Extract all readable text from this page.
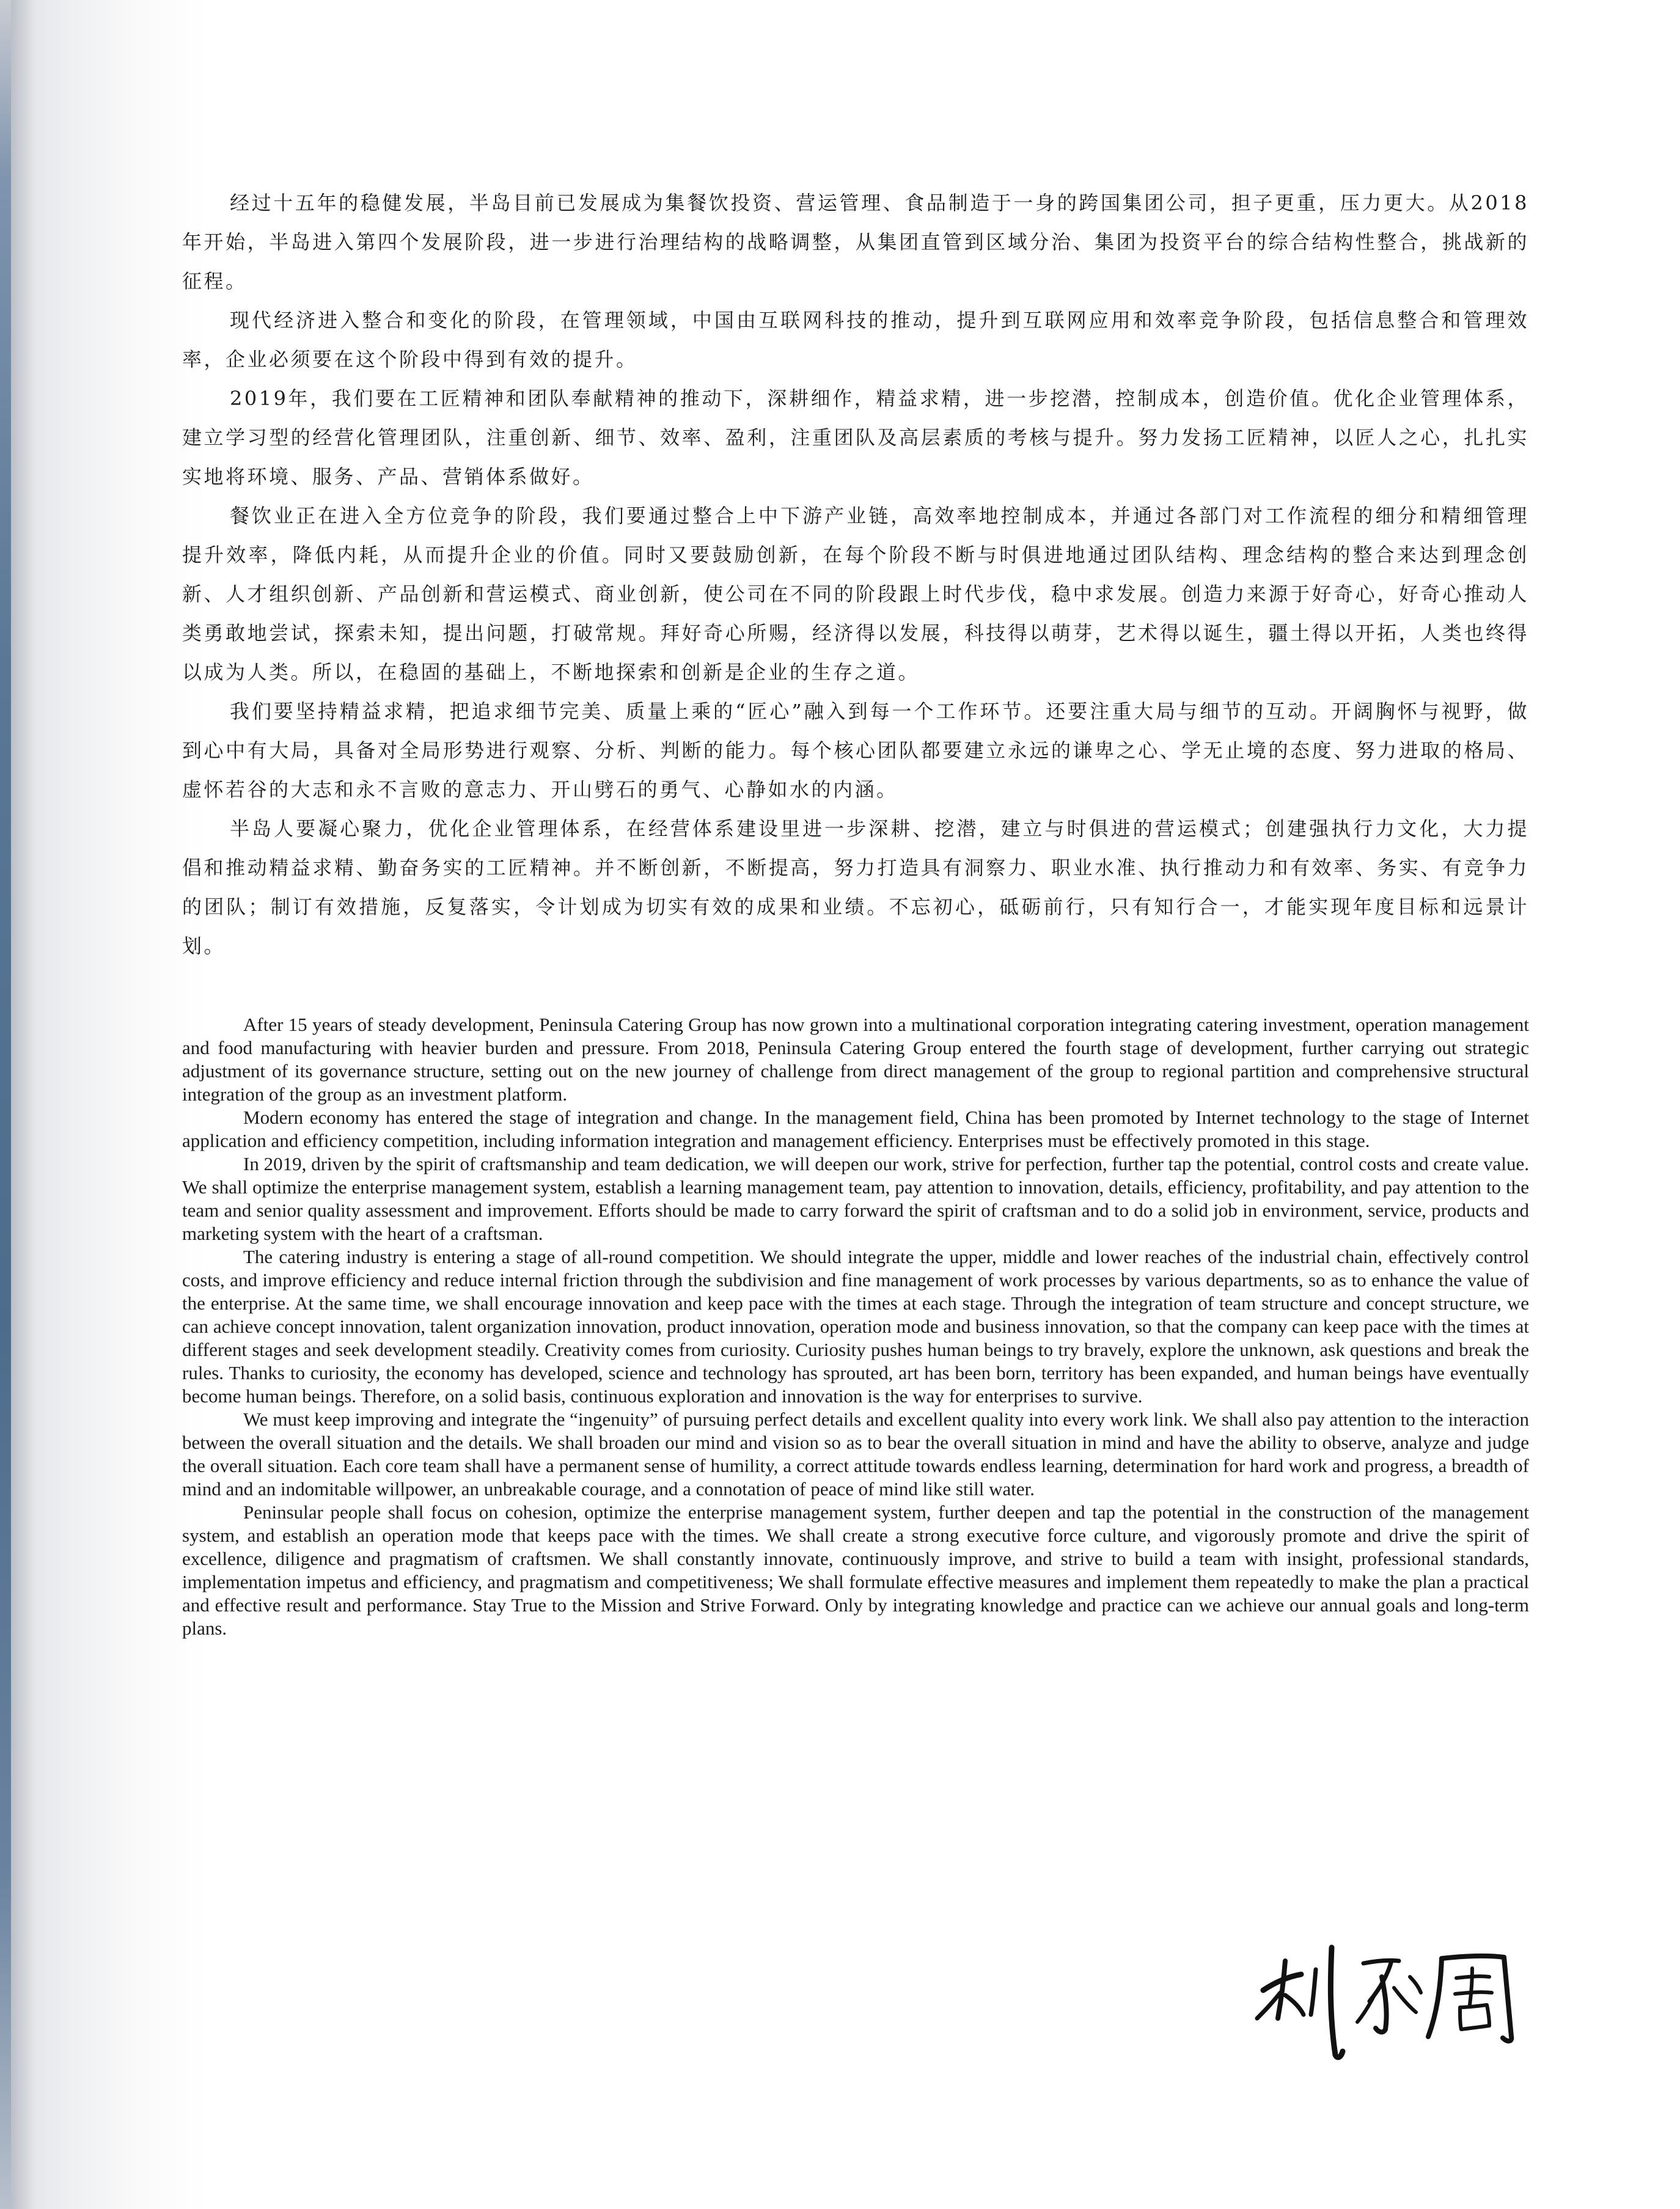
经过十五年的稳健发展，半岛目前已发展成为集餐饮投资、营运管理、食品制造于一身的跨国集团公司，担子更重，压力更大。从2018年开始，半岛进入第四个发展阶段，进一步进行治理结构的战略调整，从集团直管到区域分治、集团为投资平台的综合结构性整合，挑战新的征程。

现代经济进入整合和变化的阶段，在管理领域，中国由互联网科技的推动，提升到互联网应用和效率竞争阶段，包括信息整合和管理效率，企业必须要在这个阶段中得到有效的提升。

2019年，我们要在工匠精神和团队奉献精神的推动下，深耕细作，精益求精，进一步挖潜，控制成本，创造价值。优化企业管理体系，建立学习型的经营化管理团队，注重创新、细节、效率、盈利，注重团队及高层素质的考核与提升。努力发扬工匠精神，以匠人之心，扎扎实实地将环境、服务、产品、营销体系做好。

餐饮业正在进入全方位竞争的阶段，我们要通过整合上中下游产业链，高效率地控制成本，并通过各部门对工作流程的细分和精细管理提升效率，降低内耗，从而提升企业的价值。同时又要鼓励创新，在每个阶段不断与时俱进地通过团队结构、理念结构的整合来达到理念创新、人才组织创新、产品创新和营运模式、商业创新，使公司在不同的阶段跟上时代步伐，稳中求发展。创造力来源于好奇心，好奇心推动人类勇敢地尝试，探索未知，提出问题，打破常规。拜好奇心所赐，经济得以发展，科技得以萌芽，艺术得以诞生，疆土得以开拓，人类也终得以成为人类。所以，在稳固的基础上，不断地探索和创新是企业的生存之道。

我们要坚持精益求精，把追求细节完美、质量上乘的“匠心”融入到每一个工作环节。还要注重大局与细节的互动。开阔胸怀与视野，做到心中有大局，具备对全局形势进行观察、分析、判断的能力。每个核心团队都要建立永远的谦卑之心、学无止境的态度、努力进取的格局、虚怀若谷的大志和永不言败的意志力、开山劈石的勇气、心静如水的内涵。

半岛人要凝心聚力，优化企业管理体系，在经营体系建设里进一步深耕、挖潜，建立与时俱进的营运模式；创建强执行力文化，大力提倡和推动精益求精、勤奋务实的工匠精神。并不断创新，不断提高，努力打造具有洞察力、职业水准、执行推动力和有效率、务实、有竞争力的团队；制订有效措施，反复落实，令计划成为切实有效的成果和业绩。不忘初心，砥砺前行，只有知行合一，才能实现年度目标和远景计划。

After 15 years of steady development, Peninsula Catering Group has now grown into a multinational corporation integrating catering investment, operation management and food manufacturing with heavier burden and pressure. From 2018, Peninsula Catering Group entered the fourth stage of development, further carrying out strategic adjustment of its governance structure, setting out on the new journey of challenge from direct management of the group to regional partition and comprehensive structural integration of the group as an investment platform.

Modern economy has entered the stage of integration and change. In the management field, China has been promoted by Internet technology to the stage of Internet application and efficiency competition, including information integration and management efficiency. Enterprises must be effectively promoted in this stage.

In 2019, driven by the spirit of craftsmanship and team dedication, we will deepen our work, strive for perfection, further tap the potential, control costs and create value. We shall optimize the enterprise management system, establish a learning management team, pay attention to innovation, details, efficiency, profitability, and pay attention to the team and senior quality assessment and improvement. Efforts should be made to carry forward the spirit of craftsman and to do a solid job in environment, service, products and marketing system with the heart of a craftsman.

The catering industry is entering a stage of all-round competition. We should integrate the upper, middle and lower reaches of the industrial chain, effectively control costs, and improve efficiency and reduce internal friction through the subdivision and fine management of work processes by various departments, so as to enhance the value of the enterprise. At the same time, we shall encourage innovation and keep pace with the times at each stage. Through the integration of team structure and concept structure, we can achieve concept innovation, talent organization innovation, product innovation, operation mode and business innovation, so that the company can keep pace with the times at different stages and seek development steadily. Creativity comes from curiosity. Curiosity pushes human beings to try bravely, explore the unknown, ask questions and break the rules. Thanks to curiosity, the economy has developed, science and technology has sprouted, art has been born, territory has been expanded, and human beings have eventually become human beings. Therefore, on a solid basis, continuous exploration and innovation is the way for enterprises to survive.

We must keep improving and integrate the “ingenuity” of pursuing perfect details and excellent quality into every work link. We shall also pay attention to the interaction between the overall situation and the details. We shall broaden our mind and vision so as to bear the overall situation in mind and have the ability to observe, analyze and judge the overall situation. Each core team shall have a permanent sense of humility, a correct attitude towards endless learning, determination for hard work and progress, a breadth of mind and an indomitable willpower, an unbreakable courage, and a connotation of peace of mind like still water.

Peninsular people shall focus on cohesion, optimize the enterprise management system, further deepen and tap the potential in the construction of the management system, and establish an operation mode that keeps pace with the times. We shall create a strong executive force culture, and vigorously promote and drive the spirit of excellence, diligence and pragmatism of craftsmen. We shall constantly innovate, continuously improve, and strive to build a team with insight, professional standards, implementation impetus and efficiency, and pragmatism and competitiveness; We shall formulate effective measures and implement them repeatedly to make the plan a practical and effective result and performance. Stay True to the Mission and Strive Forward. Only by integrating knowledge and practice can we achieve our annual goals and long-term plans.
